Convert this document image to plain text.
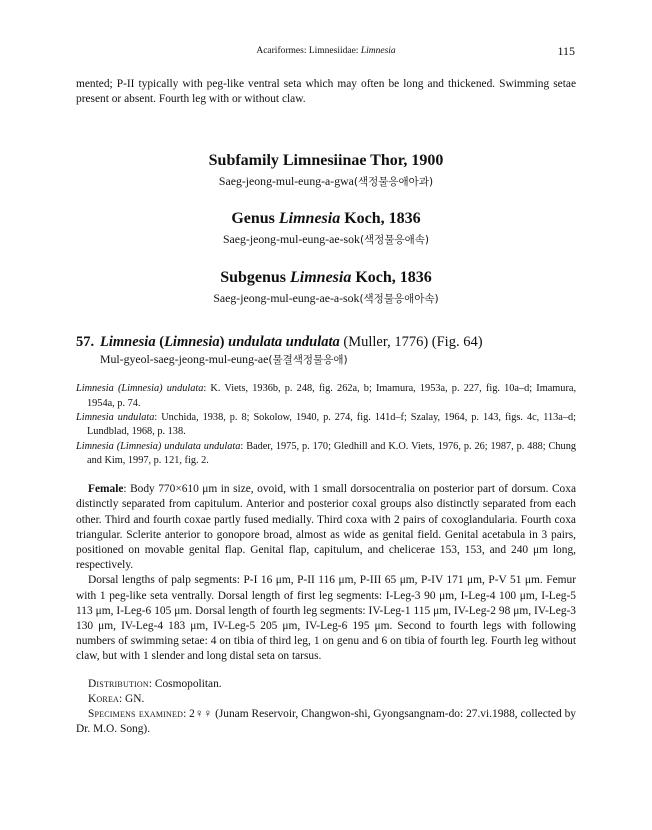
Acariformes: Limnesiidae: Limnesia	115

mented; P-II typically with peg-like ventral seta which may often be long and thickened. Swimming setae present or absent. Fourth leg with or without claw.

Subfamily Limnesiinae Thor, 1900
Saeg-jeong-mul-eung-a-gwa(색정물응애아과)
Genus Limnesia Koch, 1836
Saeg-jeong-mul-eung-ae-sok(색정물응애속)
Subgenus Limnesia Koch, 1836
Saeg-jeong-mul-eung-ae-a-sok(색정물응애아속)
57. Limnesia (Limnesia) undulata undulata (Muller, 1776) (Fig. 64)
Mul-gyeol-saeg-jeong-mul-eung-ae(물결색정물응애)

Limnesia (Limnesia) undulata: K. Viets, 1936b, p. 248, fig. 262a, b; Imamura, 1953a, p. 227, fig. 10a–d; Imamura, 1954a, p. 74.

Limnesia undulata: Unchida, 1938, p. 8; Sokolow, 1940, p. 274, fig. 141d–f; Szalay, 1964, p. 143, figs. 4c, 113a–d; Lundblad, 1968, p. 138.

Limnesia (Limnesia) undulata undulata: Bader, 1975, p. 170; Gledhill and K.O. Viets, 1976, p. 26; 1987, p. 488; Chung and Kim, 1997, p. 121, fig. 2.

Female: Body 770×610 μm in size, ovoid, with 1 small dorsocentralia on posterior part of dorsum. Coxa distinctly separated from capitulum. Anterior and posterior coxal groups also distinctly separated from each other. Third and fourth coxae partly fused medially. Third coxa with 2 pairs of coxoglandularia. Fourth coxa triangular. Sclerite anterior to gonopore broad, almost as wide as genital field. Genital acetabula in 3 pairs, positioned on movable genital flap. Genital flap, capitulum, and chelicerae 153, 153, and 240 μm long, respectively.

Dorsal lengths of palp segments: P-I 16 μm, P-II 116 μm, P-III 65 μm, P-IV 171 μm, P-V 51 μm. Femur with 1 peg-like seta ventrally. Dorsal length of first leg segments: I-Leg-3 90 μm, I-Leg-4 100 μm, I-Leg-5 113 μm, I-Leg-6 105 μm. Dorsal length of fourth leg segments: IV-Leg-1 115 μm, IV-Leg-2 98 μm, IV-Leg-3 130 μm, IV-Leg-4 183 μm, IV-Leg-5 205 μm, IV-Leg-6 195 μm. Second to fourth legs with following numbers of swimming setae: 4 on tibia of third leg, 1 on genu and 6 on tibia of fourth leg. Fourth leg without claw, but with 1 slender and long distal seta on tarsus.

Distribution: Cosmopolitan.

Korea: GN.

Specimens examined: 2♀♀ (Junam Reservoir, Changwon-shi, Gyongsangnam-do: 27.vi.1988, collected by Dr. M.O. Song).
